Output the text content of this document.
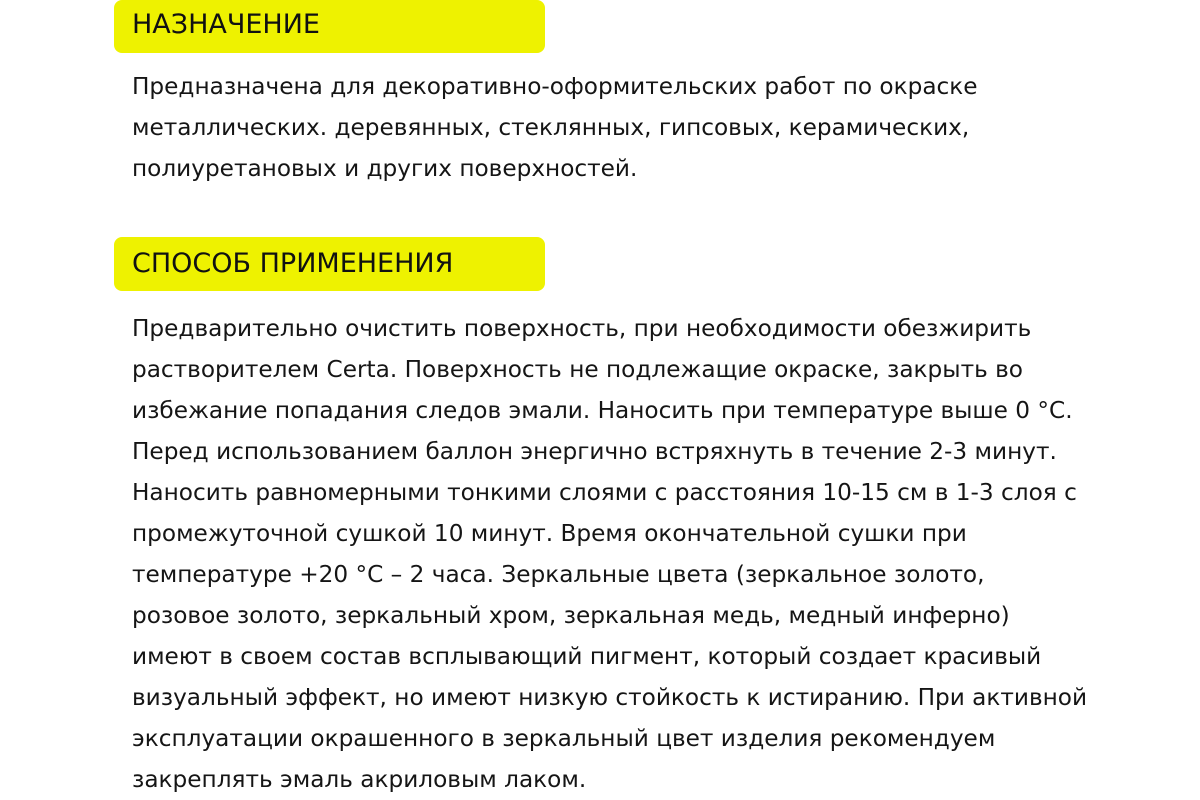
НАЗНАЧЕНИЕ
Предназначена для декоративно-оформительских работ по окраске
металлических. деревянных, стеклянных, гипсовых, керамических,
полиуретановых и других поверхностей.
СПОСОБ ПРИМЕНЕНИЯ
Предварительно очистить поверхность, при необходимости обезжирить
растворителем Certa. Поверхность не подлежащие окраске, закрыть во
избежание попадания следов эмали. Наносить при температуре выше 0 °C.
Перед использованием баллон энергично встряхнуть в течение 2-3 минут.
Наносить равномерными тонкими слоями с расстояния 10-15 см в 1-3 слоя с
промежуточной сушкой 10 минут. Время окончательной сушки при
температуре +20 °C – 2 часа. Зеркальные цвета (зеркальное золото,
розовое золото, зеркальный хром, зеркальная медь, медный инферно)
имеют в своем состав всплывающий пигмент, который создает красивый
визуальный эффект, но имеют низкую стойкость к истиранию. При активной
эксплуатации окрашенного в зеркальный цвет изделия рекомендуем
закреплять эмаль акриловым лаком.
